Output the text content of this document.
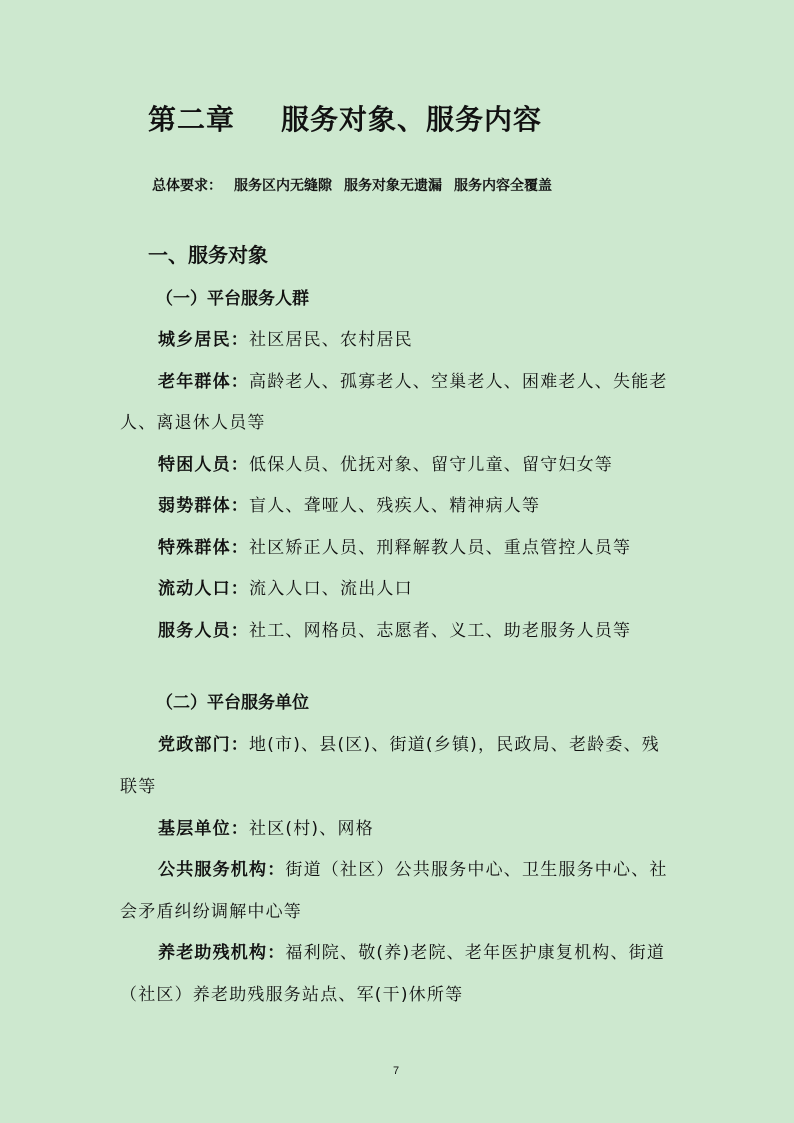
第二章 服务对象、服务内容
总体要求： 服务区内无缝隙 服务对象无遗漏 服务内容全覆盖
一、服务对象
（一）平台服务人群
城乡居民：社区居民、农村居民
老年群体：高龄老人、孤寡老人、空巢老人、困难老人、失能老
人、离退休人员等
特困人员：低保人员、优抚对象、留守儿童、留守妇女等
弱势群体：盲人、聋哑人、残疾人、精神病人等
特殊群体：社区矫正人员、刑释解教人员、重点管控人员等
流动人口：流入人口、流出人口
服务人员：社工、网格员、志愿者、义工、助老服务人员等
（二）平台服务单位
党政部门：地(市)、县(区)、街道(乡镇)，民政局、老龄委、残
联等
基层单位：社区(村)、网格
公共服务机构：街道（社区）公共服务中心、卫生服务中心、社
会矛盾纠纷调解中心等
养老助残机构：福利院、敬(养)老院、老年医护康复机构、街道
（社区）养老助残服务站点、军(干)休所等
7
